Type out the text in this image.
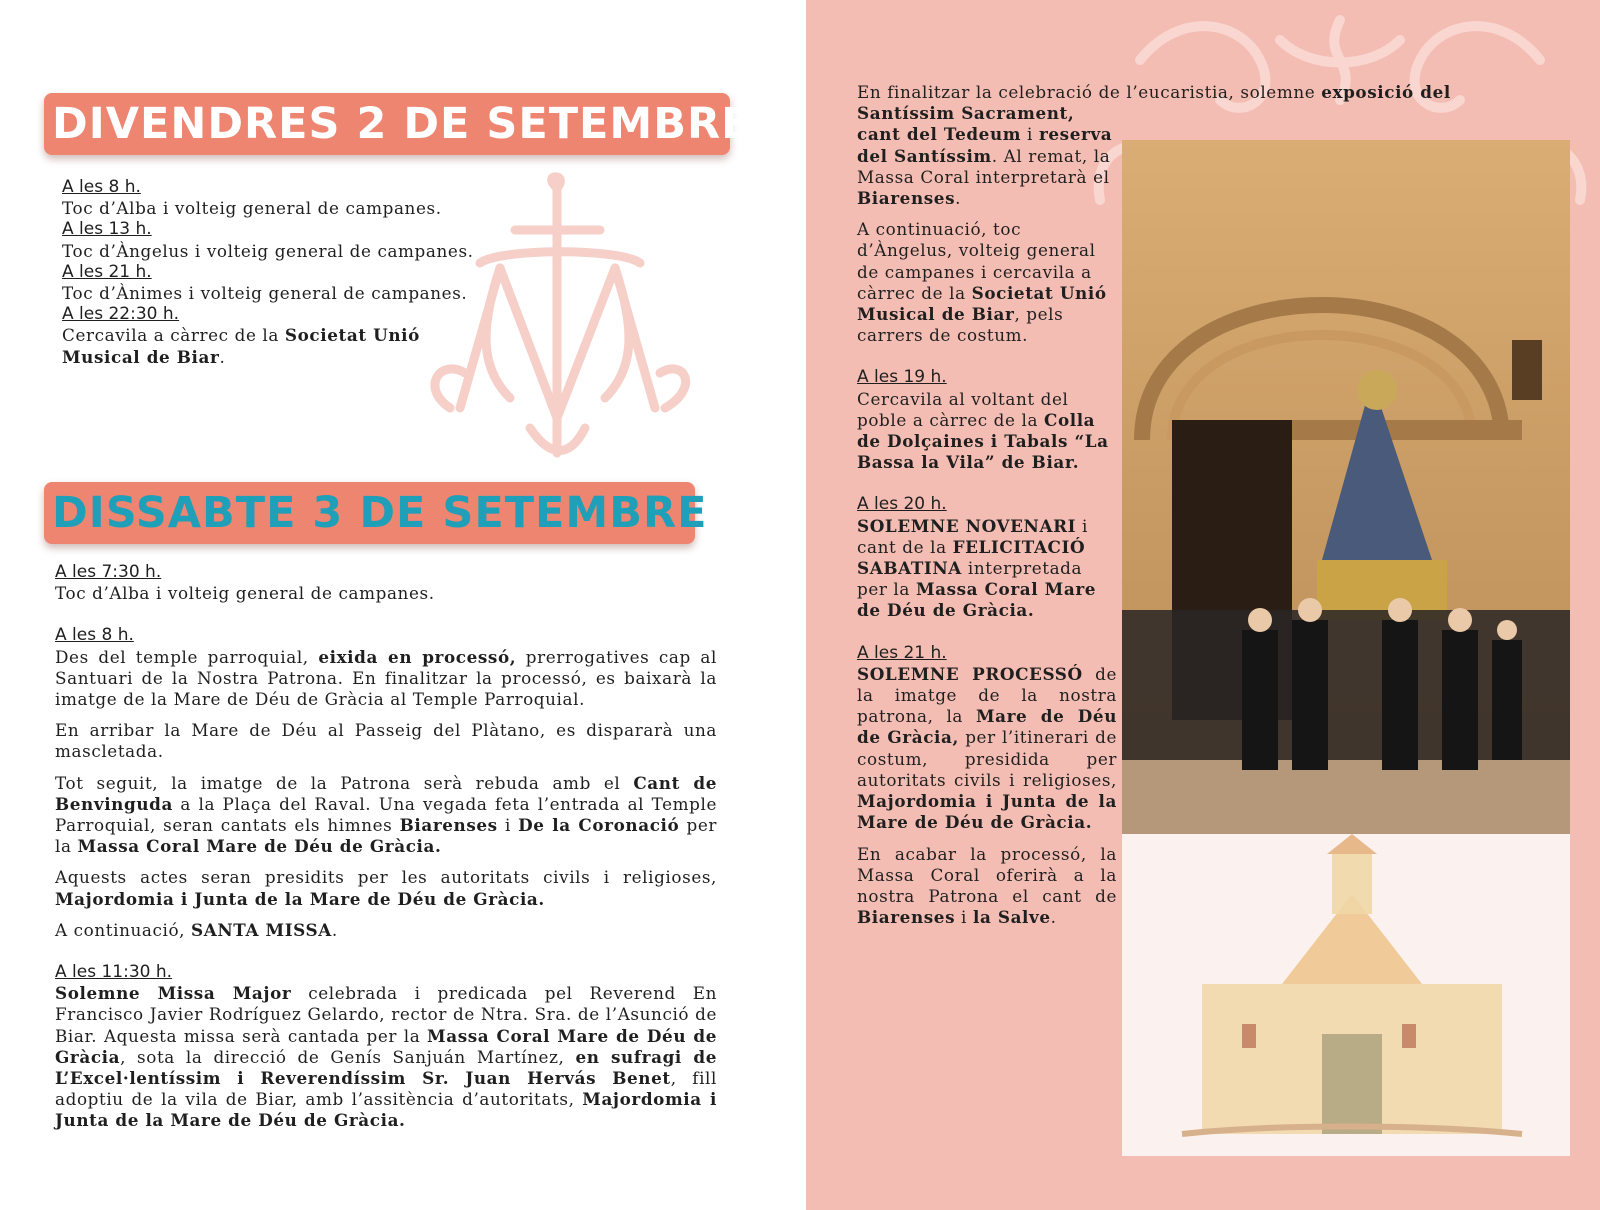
DIVENDRES 2 DE SETEMBRE
A les 8 h.

Toc d’Alba i volteig general de campanes.

A les 13 h.

Toc d’Àngelus i volteig general de campanes.

A les 21 h.

Toc d’Ànimes i volteig general de campanes.

A les 22:30 h.

Cercavila a càrrec de la Societat Unió Musical de Biar.

DISSABTE 3 DE SETEMBRE
A les 7:30 h.

Toc d’Alba i volteig general de campanes.

A les 8 h.

Des del temple parroquial, eixida en processó, prerrogatives cap al Santuari de la Nostra Patrona. En finalitzar la processó, es baixarà la imatge de la Mare de Déu de Gràcia al Temple Parroquial.

En arribar la Mare de Déu al Passeig del Plàtano, es dispararà una mascletada.

Tot seguit, la imatge de la Patrona serà rebuda amb el Cant de Benvinguda a la Plaça del Raval. Una vegada feta l’entrada al Temple Parroquial, seran cantats els himnes Biarenses i De la Coronació per la Massa Coral Mare de Déu de Gràcia.

Aquests actes seran presidits per les autoritats civils i religioses, Majordomia i Junta de la Mare de Déu de Gràcia.

A continuació, SANTA MISSA.

A les 11:30 h.

Solemne Missa Major celebrada i predicada pel Reverend En Francisco Javier Rodríguez Gelardo, rector de Ntra. Sra. de l’Asunció de Biar. Aquesta missa serà cantada per la Massa Coral Mare de Déu de Gràcia, sota la direcció de Genís Sanjuán Martínez, en sufragi de L’Excel·lentíssim i Reverendíssim Sr. Juan Hervás Benet, fill adoptiu de la vila de Biar, amb l’assitència d’autoritats, Majordomia i Junta de la Mare de Déu de Gràcia.

En finalitzar la celebració de l’eucaristia, solemne exposició del

Santíssim Sacrament,
cant del Tedeum i reserva del Santíssim. Al remat, la Massa Coral interpretarà el Biarenses.

A continuació, toc d’Àngelus, volteig general de campanes i cercavila a càrrec de la Societat Unió Musical de Biar, pels carrers de costum.

A les 19 h.

Cercavila al voltant del poble a càrrec de la Colla de Dolçaines i Tabals “La Bassa la Vila” de Biar.

A les 20 h.

SOLEMNE NOVENARI i cant de la FELICITACIÓ SABATINA interpretada per la Massa Coral Mare de Déu de Gràcia.

A les 21 h.

SOLEMNE PROCESSÓ de la imatge de la nostra patrona, la Mare de Déu de Gràcia, per l’itinerari de costum, presidida per autoritats civils i religioses, Majordomia i Junta de la Mare de Déu de Gràcia.

En acabar la processó, la Massa Coral oferirà a la nostra Patrona el cant de Biarenses i la Salve.
